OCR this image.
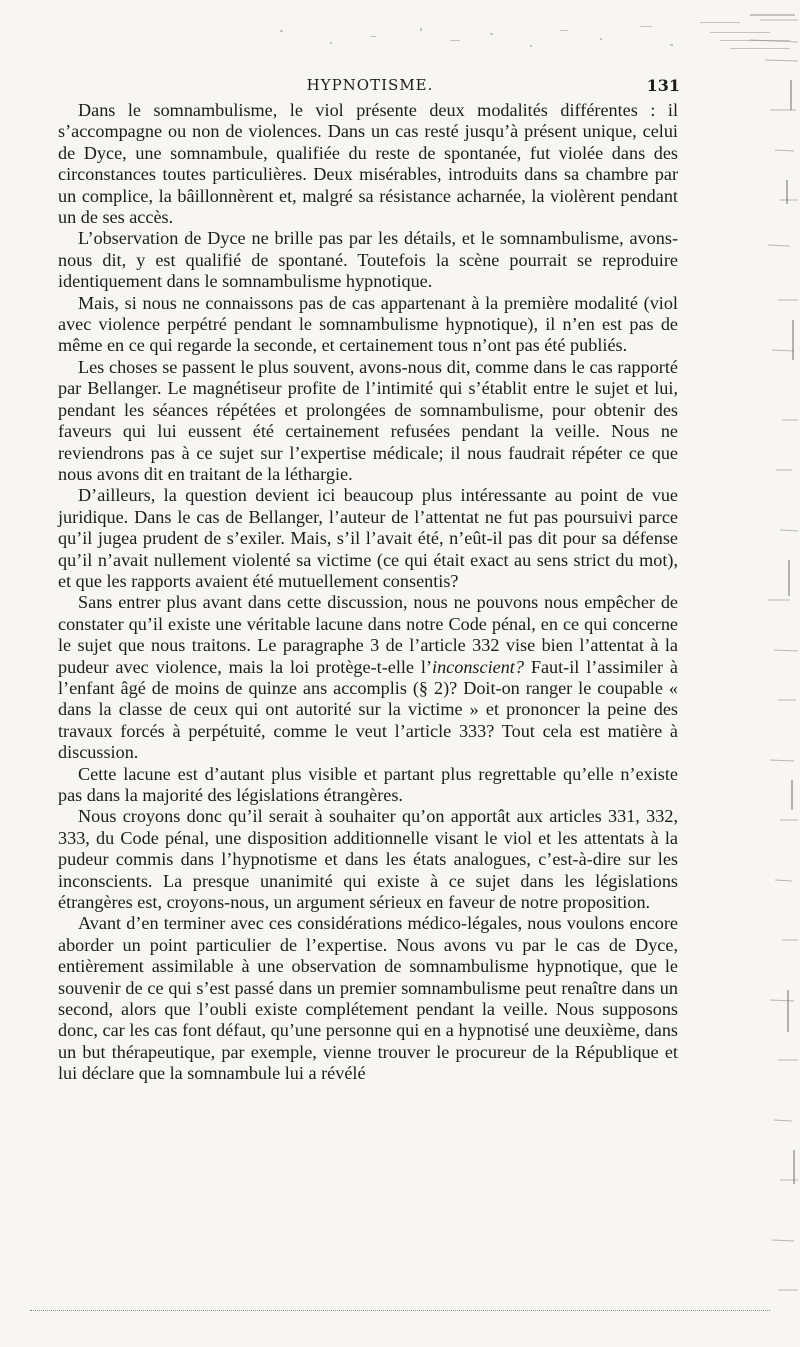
HYPNOTISME.	131

Dans le somnambulisme, le viol présente deux modalités différentes : il s’accompagne ou non de violences. Dans un cas resté jusqu’à présent unique, celui de Dyce, une somnambule, qualifiée du reste de spontanée, fut violée dans des circonstances toutes particulières. Deux misérables, introduits dans sa chambre par un complice, la bâillonnèrent et, malgré sa résistance acharnée, la violèrent pendant un de ses accès.

L’observation de Dyce ne brille pas par les détails, et le somnambulisme, avons-nous dit, y est qualifié de spontané. Toutefois la scène pourrait se reproduire identiquement dans le somnambulisme hypnotique.

Mais, si nous ne connaissons pas de cas appartenant à la première modalité (viol avec violence perpétré pendant le somnambulisme hypnotique), il n’en est pas de même en ce qui regarde la seconde, et certainement tous n’ont pas été publiés.

Les choses se passent le plus souvent, avons-nous dit, comme dans le cas rapporté par Bellanger. Le magnétiseur profite de l’intimité qui s’établit entre le sujet et lui, pendant les séances répétées et prolongées de somnambulisme, pour obtenir des faveurs qui lui eussent été certainement refusées pendant la veille. Nous ne reviendrons pas à ce sujet sur l’expertise médicale; il nous faudrait répéter ce que nous avons dit en traitant de la léthargie.

D’ailleurs, la question devient ici beaucoup plus intéressante au point de vue juridique. Dans le cas de Bellanger, l’auteur de l’attentat ne fut pas poursuivi parce qu’il jugea prudent de s’exiler. Mais, s’il l’avait été, n’eût-il pas dit pour sa défense qu’il n’avait nullement violenté sa victime (ce qui était exact au sens strict du mot), et que les rapports avaient été mutuellement consentis?

Sans entrer plus avant dans cette discussion, nous ne pouvons nous empêcher de constater qu’il existe une véritable lacune dans notre Code pénal, en ce qui concerne le sujet que nous traitons. Le paragraphe 3 de l’article 332 vise bien l’attentat à la pudeur avec violence, mais la loi protège-t-elle l’inconscient? Faut-il l’assimiler à l’enfant âgé de moins de quinze ans accomplis (§ 2)? Doit-on ranger le coupable « dans la classe de ceux qui ont autorité sur la victime » et prononcer la peine des travaux forcés à perpétuité, comme le veut l’article 333? Tout cela est matière à discussion.

Cette lacune est d’autant plus visible et partant plus regrettable qu’elle n’existe pas dans la majorité des législations étrangères.

Nous croyons donc qu’il serait à souhaiter qu’on apportât aux articles 331, 332, 333, du Code pénal, une disposition additionnelle visant le viol et les attentats à la pudeur commis dans l’hypnotisme et dans les états analogues, c’est-à-dire sur les inconscients. La presque unanimité qui existe à ce sujet dans les législations étrangères est, croyons-nous, un argument sérieux en faveur de notre proposition.

Avant d’en terminer avec ces considérations médico-légales, nous voulons encore aborder un point particulier de l’expertise. Nous avons vu par le cas de Dyce, entièrement assimilable à une observation de somnambulisme hypnotique, que le souvenir de ce qui s’est passé dans un premier somnambulisme peut renaître dans un second, alors que l’oubli existe complétement pendant la veille. Nous supposons donc, car les cas font défaut, qu’une personne qui en a hypnotisé une deuxième, dans un but thérapeutique, par exemple, vienne trouver le procureur de la République et lui déclare que la somnambule lui a révélé
